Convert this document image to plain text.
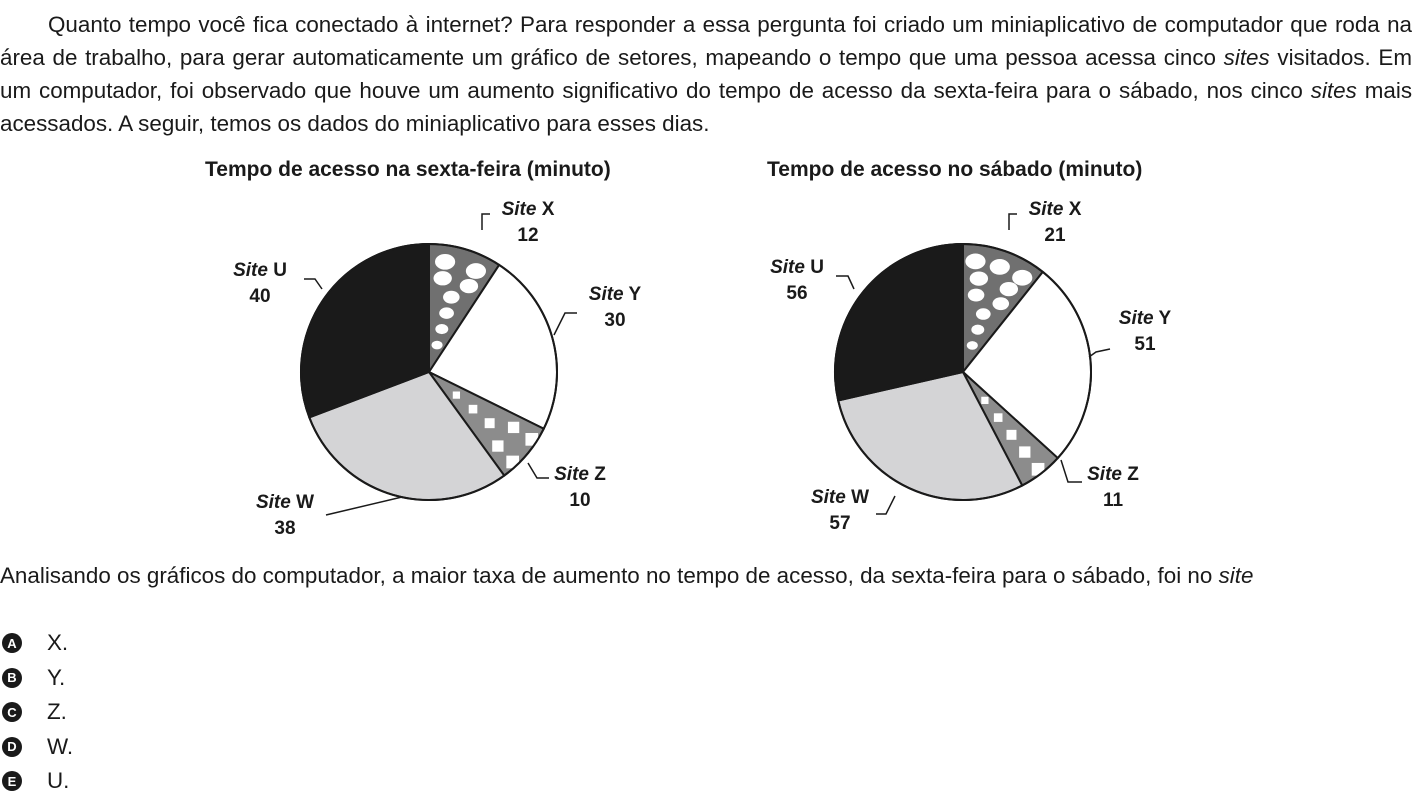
Quanto tempo você fica conectado à internet? Para responder a essa pergunta foi criado um miniaplicativo de computador que roda na área de trabalho, para gerar automaticamente um gráfico de setores, mapeando o tempo que uma pessoa acessa cinco sites visitados. Em um computador, foi observado que houve um aumento significativo do tempo de acesso da sexta-feira para o sábado, nos cinco sites mais acessados. A seguir, temos os dados do miniaplicativo para esses dias.

Tempo de acesso na sexta-feira (minuto)	Tempo de acesso no sábado (minuto)
Site X
12
Site Y
30
Site Z
10
Site W
38
Site U
40
Site X
21
Site Y
51
Site Z
11
Site W
57
Site U
56

Analisando os gráficos do computador, a maior taxa de aumento no tempo de acesso, da sexta-feira para o sábado, foi no site

A X.
B Y.
C Z.
D W.
E U.
